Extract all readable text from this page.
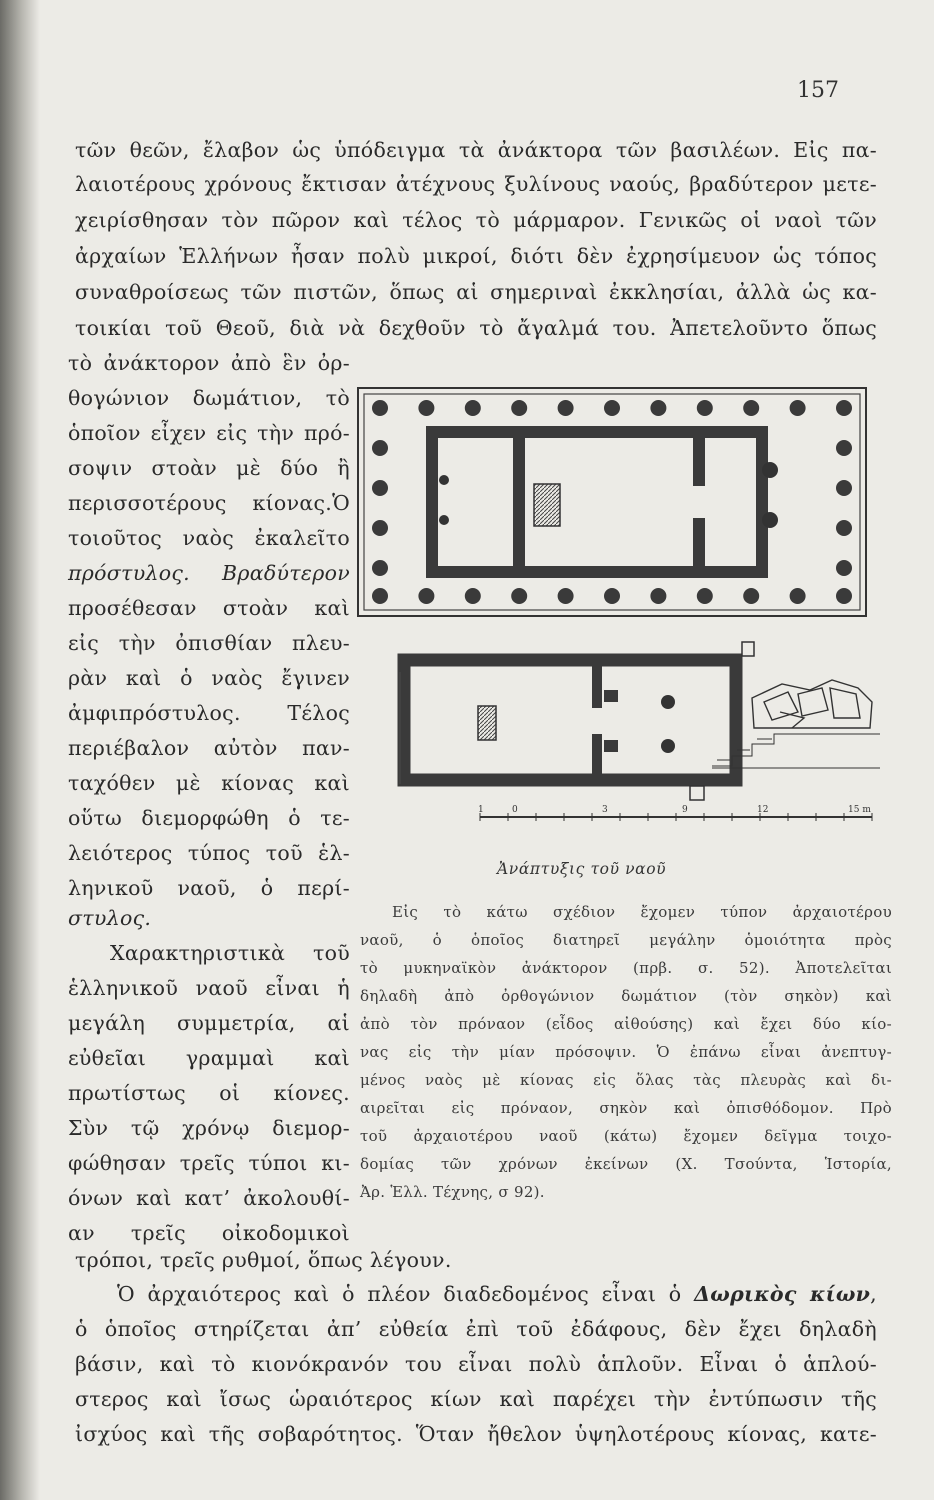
157
τῶν θεῶν, ἔλαβον ὡς ὑπόδειγμα τὰ ἀνάκτορα τῶν βασιλέων. Εἰς πα-
λαιοτέρους χρόνους ἔκτισαν ἀτέχνους ξυλίνους ναούς, βραδύτερον μετε-
χειρίσθησαν τὸν πῶρον καὶ τέλος τὸ μάρμαρον. Γενικῶς οἱ ναοὶ τῶν
ἀρχαίων Ἑλλήνων ἦσαν πολὺ μικροί, διότι δὲν ἐχρησίμευον ὡς τόπος
συναθροίσεως τῶν πιστῶν, ὅπως αἱ σημεριναὶ ἐκκλησίαι, ἀλλὰ ὡς κα-
τοικίαι τοῦ Θεοῦ, διὰ νὰ δεχθοῦν τὸ ἄγαλμά του. Ἀπετελοῦντο ὅπως
τὸ ἀνάκτορον ἀπὸ ἓν ὀρ-
θογώνιον δωμάτιον, τὸ
ὁποῖον εἶχεν εἰς τὴν πρό-
σοψιν στοὰν μὲ δύο ἢ
περισσοτέρους κίονας.Ὁ
τοιοῦτος ναὸς ἐκαλεῖτο
πρόστυλος. Βραδύτερον
προσέθεσαν στοὰν καὶ
εἰς τὴν ὀπισθίαν πλευ-
ρὰν καὶ ὁ ναὸς ἔγινεν
ἀμφιπρόστυλος. Τέλος
περιέβαλον αὐτὸν παν-
ταχόθεν μὲ κίονας καὶ
οὕτω διεμορφώθη ὁ τε-
λειότερος τύπος τοῦ ἑλ-
ληνικοῦ ναοῦ, ὁ περί-
στυλος.
Χαρακτηριστικὰ τοῦ
ἑλληνικοῦ ναοῦ εἶναι ἡ
μεγάλη συμμετρία, αἱ
εὐθεῖαι γραμμαὶ καὶ
πρωτίστως οἱ κίονες.
Σὺν τῷ χρόνῳ διεμορ-
φώθησαν τρεῖς τύποι κι-
όνων καὶ κατ’ ἀκολουθί-
αν τρεῖς οἰκοδομικοὶ
1	0	3	9	12	15 m
Ἀνάπτυξις τοῦ ναοῦ
Εἰς τὸ κάτω σχέδιον ἔχομεν τύπον ἀρχαιοτέρου
ναοῦ, ὁ ὁποῖος διατηρεῖ μεγάλην ὁμοιότητα πρὸς
τὸ μυκηναϊκὸν ἀνάκτορον (πρβ. σ. 52). Ἀποτελεῖται
δηλαδὴ ἀπὸ ὀρθογώνιον δωμάτιον (τὸν σηκὸν) καὶ
ἀπὸ τὸν πρόναον (εἶδος αἰθούσης) καὶ ἔχει δύο κίο-
νας εἰς τὴν μίαν πρόσοψιν. Ὁ ἐπάνω εἶναι ἀνεπτυγ-
μένος ναὸς μὲ κίονας εἰς ὅλας τὰς πλευρὰς καὶ δι-
αιρεῖται εἰς πρόναον, σηκὸν καὶ ὀπισθόδομον. Πρὸ
τοῦ ἀρχαιοτέρου ναοῦ (κάτω) ἔχομεν δεῖγμα τοιχο-
δομίας τῶν χρόνων ἐκείνων (Χ. Τσούντα, Ἱστορία,
Ἀρ. Ἑλλ. Τέχνης, σ 92).
τρόποι, τρεῖς ρυθμοί, ὅπως λέγουν.
Ὁ ἀρχαιότερος καὶ ὁ πλέον διαδεδομένος εἶναι ὁ Δωρικὸς κίων,
ὁ ὁποῖος στηρίζεται ἀπ’ εὐθεία ἐπὶ τοῦ ἐδάφους, δὲν ἔχει δηλαδὴ
βάσιν, καὶ τὸ κιονόκρανόν του εἶναι πολὺ ἁπλοῦν. Εἶναι ὁ ἁπλού-
στερος καὶ ἴσως ὡραιότερος κίων καὶ παρέχει τὴν ἐντύπωσιν τῆς
ἰσχύος καὶ τῆς σοβαρότητος. Ὅταν ἤθελον ὑψηλοτέρους κίονας, κατε-
